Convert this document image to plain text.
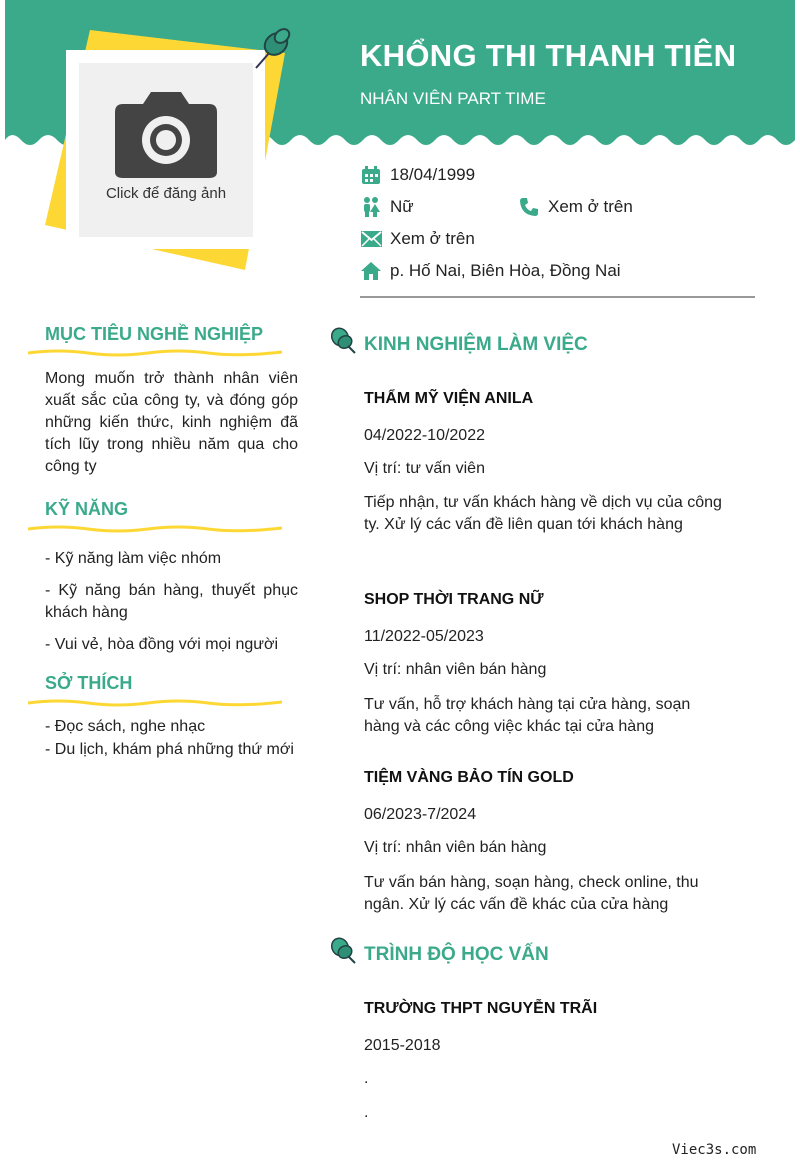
Click để đăng ảnh
KHỔNG THI THANH TIÊN
NHÂN VIÊN PART TIME
18/04/1999
Nữ	Xem ở trên
Xem ở trên
p. Hố Nai, Biên Hòa, Đồng Nai
MỤC TIÊU NGHỀ NGHIỆP
Mong muốn trở thành nhân viên xuất sắc của công ty, và đóng góp những kiến thức, kinh nghiệm đã tích lũy trong nhiều năm qua cho công ty
KỸ NĂNG
- Kỹ năng làm việc nhóm
- Kỹ năng bán hàng, thuyết phục khách hàng
- Vui vẻ, hòa đồng với mọi người
SỞ THÍCH
- Đọc sách, nghe nhạc
- Du lịch, khám phá những thứ mới
KINH NGHIỆM LÀM VIỆC
THẨM MỸ VIỆN ANILA
04/2022-10/2022
Vị trí: tư vấn viên
Tiếp nhận, tư vấn khách hàng về dịch vụ của công ty. Xử lý các vấn đề liên quan tới khách hàng
SHOP THỜI TRANG NỮ
11/2022-05/2023
Vị trí: nhân viên bán hàng
Tư vấn, hỗ trợ khách hàng tại cửa hàng, soạn hàng và các công việc khác tại cửa hàng
TIỆM VÀNG BẢO TÍN GOLD
06/2023-7/2024
Vị trí: nhân viên bán hàng
Tư vấn bán hàng, soạn hàng, check online, thu ngân. Xử lý các vấn đề khác của cửa hàng
TRÌNH ĐỘ HỌC VẤN
TRƯỜNG THPT NGUYỄN TRÃI
2015-2018
.
.
Viec3s.com
